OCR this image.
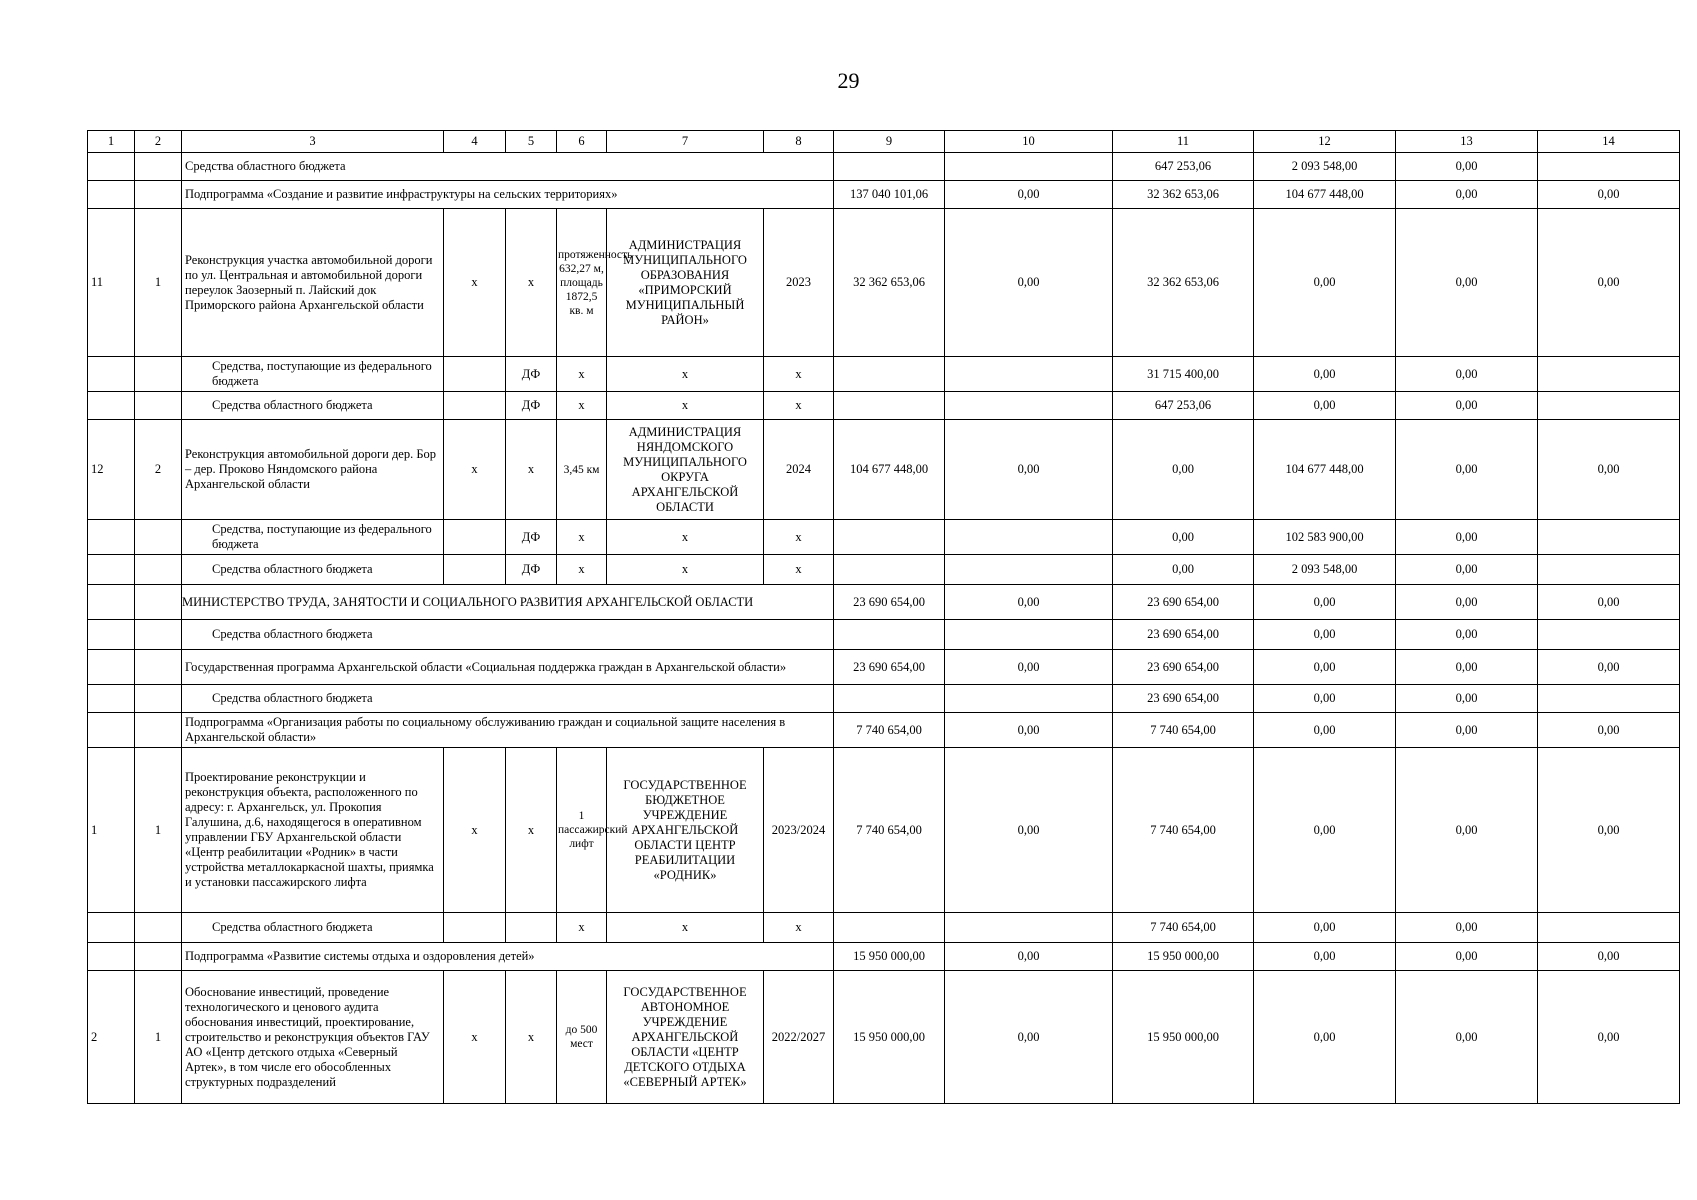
29
1	2	3	4	5	6	7	8	9	10	11	12	13	14
		Средства областного бюджета								647 253,06	2 093 548,00	0,00	
		Подпрограмма «Создание и развитие инфраструктуры на сельских территориях»						137 040 101,06	0,00	32 362 653,06	104 677 448,00	0,00	0,00
11	1	Реконструкция участка автомобильной дороги по ул. Центральная и автомобильной дороги переулок Заозерный п. Лайский док Приморского района Архангельской области	х	х	протяженность 632,27 м, площадь 1872,5 кв. м	АДМИНИСТРАЦИЯ МУНИЦИПАЛЬНОГО ОБРАЗОВАНИЯ «ПРИМОРСКИЙ МУНИЦИПАЛЬНЫЙ РАЙОН»	2023	32 362 653,06	0,00	32 362 653,06	0,00	0,00	0,00
		Средства, поступающие из федерального бюджета		ДФ	х	х	х			31 715 400,00	0,00	0,00	
		Средства областного бюджета		ДФ	х	х	х			647 253,06	0,00	0,00	
12	2	Реконструкция автомобильной дороги дер. Бор – дер. Проково Няндомского района Архангельской области	х	х	3,45 км	АДМИНИСТРАЦИЯ НЯНДОМСКОГО МУНИЦИПАЛЬНОГО ОКРУГА АРХАНГЕЛЬСКОЙ ОБЛАСТИ	2024	104 677 448,00	0,00	0,00	104 677 448,00	0,00	0,00
		Средства, поступающие из федерального бюджета		ДФ	х	х	х			0,00	102 583 900,00	0,00	
		Средства областного бюджета		ДФ	х	х	х			0,00	2 093 548,00	0,00	
		МИНИСТЕРСТВО ТРУДА, ЗАНЯТОСТИ И СОЦИАЛЬНОГО РАЗВИТИЯ АРХАНГЕЛЬСКОЙ ОБЛАСТИ						23 690 654,00	0,00	23 690 654,00	0,00	0,00	0,00
		Средства областного бюджета								23 690 654,00	0,00	0,00	
		Государственная программа Архангельской области «Социальная поддержка граждан в Архангельской области»						23 690 654,00	0,00	23 690 654,00	0,00	0,00	0,00
		Средства областного бюджета								23 690 654,00	0,00	0,00	
		Подпрограмма «Организация работы по социальному обслуживанию граждан и социальной защите населения в Архангельской области»						7 740 654,00	0,00	7 740 654,00	0,00	0,00	0,00
1	1	Проектирование реконструкции и реконструкция объекта, расположенного по адресу: г. Архангельск, ул. Прокопия Галушина, д.6, находящегося в оперативном управлении ГБУ Архангельской области «Центр реабилитации «Родник» в части устройства металлокаркасной шахты, приямка и установки пассажирского лифта	х	х	1 пассажирский лифт	ГОСУДАРСТВЕННОЕ БЮДЖЕТНОЕ УЧРЕЖДЕНИЕ АРХАНГЕЛЬСКОЙ ОБЛАСТИ ЦЕНТР РЕАБИЛИТАЦИИ «РОДНИК»	2023/2024	7 740 654,00	0,00	7 740 654,00	0,00	0,00	0,00
		Средства областного бюджета			х	х	х			7 740 654,00	0,00	0,00	
		Подпрограмма «Развитие системы отдыха и оздоровления детей»						15 950 000,00	0,00	15 950 000,00	0,00	0,00	0,00
2	1	Обоснование инвестиций, проведение технологического и ценового аудита обоснования инвестиций, проектирование, строительство и реконструкция объектов ГАУ АО «Центр детского отдыха «Северный Артек», в том числе его обособленных структурных подразделений	х	х	до 500 мест	ГОСУДАРСТВЕННОЕ АВТОНОМНОЕ УЧРЕЖДЕНИЕ АРХАНГЕЛЬСКОЙ ОБЛАСТИ «ЦЕНТР ДЕТСКОГО ОТДЫХА «СЕВЕРНЫЙ АРТЕК»	2022/2027	15 950 000,00	0,00	15 950 000,00	0,00	0,00	0,00
